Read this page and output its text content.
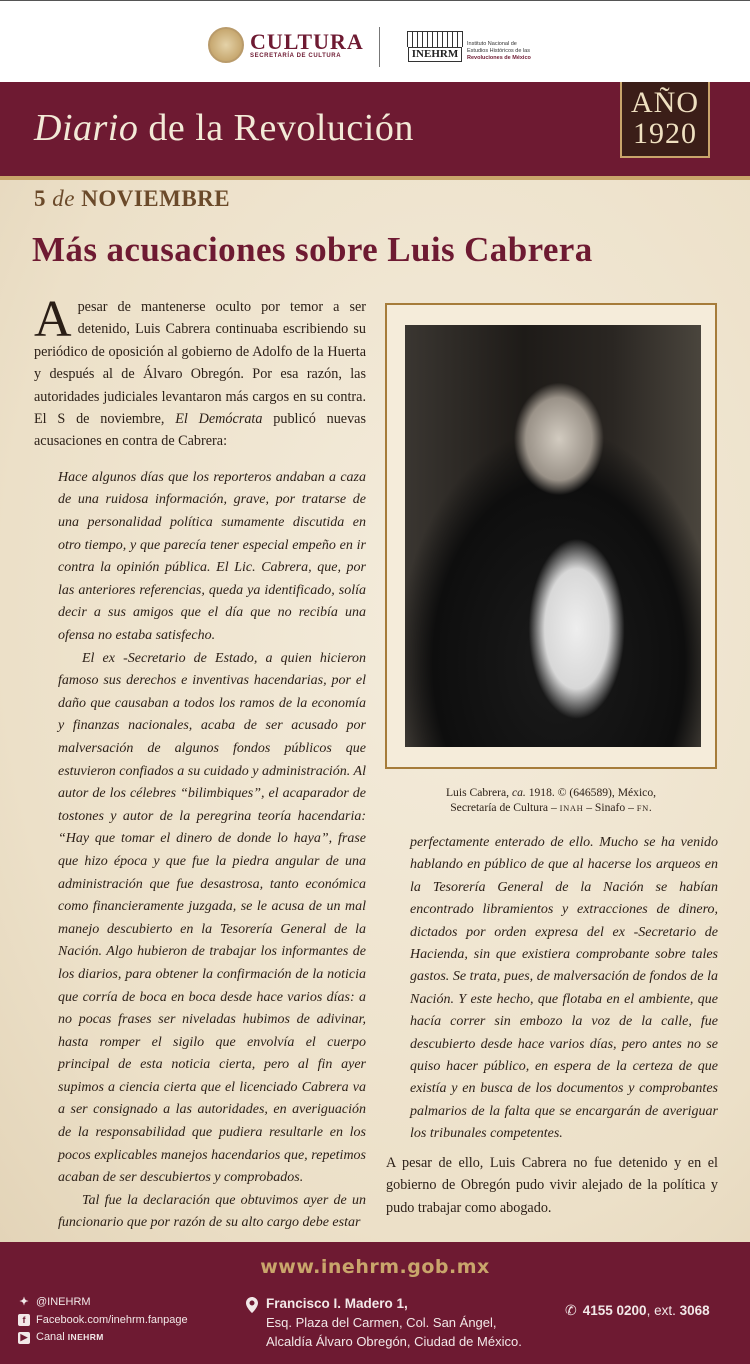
CULTURA
SECRETARÍA DE CULTURA	INEHRM
Instituto Nacional de
Estudios Históricos de las
Revoluciones de México
Diario de la Revolución
AÑO
1920
5 de NOVIEMBRE
Más acusaciones sobre Luis Cabrera

Apesar de mantenerse oculto por temor a ser detenido, Luis Cabrera continuaba escribiendo su periódico de oposición al gobierno de Adolfo de la Huerta y después al de Álvaro Obregón. Por esa razón, las autoridades judiciales levantaron más cargos en su contra. El S de noviembre, El Demócrata publicó nuevas acusaciones en contra de Cabrera:

Hace algunos días que los reporteros andaban a caza de una ruidosa información, grave, por tratarse de una personalidad política sumamente discutida en otro tiempo, y que parecía tener especial empeño en ir contra la opinión pública. El Lic. Cabrera, que, por las anteriores referencias, queda ya identificado, solía decir a sus amigos que el día que no recibía una ofensa no estaba satisfecho.

El ex -Secretario de Estado, a quien hicieron famoso sus derechos e inventivas hacendarias, por el daño que causaban a todos los ramos de la economía y finanzas nacionales, acaba de ser acusado por malversación de algunos fondos públicos que estuvieron confiados a su cuidado y administración. Al autor de los célebres “bilimbiques”, el acaparador de tostones y autor de la peregrina teoría hacendaria: “Hay que tomar el dinero de donde lo haya”, frase que hizo época y que fue la piedra angular de una administración que fue desastrosa, tanto económica como financieramente juzgada, se le acusa de un mal manejo descubierto en la Tesorería General de la Nación. Algo hubieron de trabajar los informantes de los diarios, para obtener la confirmación de la noticia que corría de boca en boca desde hace varios días: a no pocas frases ser niveladas hubimos de adivinar, hasta romper el sigilo que envolvía el cuerpo principal de esta noticia cierta, pero al fin ayer supimos a ciencia cierta que el licenciado Cabrera va a ser consignado a las autoridades, en averiguación de la responsabilidad que pudiera resultarle en los pocos explicables manejos hacendarios que, repetimos acaban de ser descubiertos y comprobados.

Tal fue la declaración que obtuvimos ayer de un funcionario que por razón de su alto cargo debe estar

Luis Cabrera, ca. 1918. © (646589), México,
Secretaría de Cultura – INAH – Sinafo – FN.

perfectamente enterado de ello. Mucho se ha venido hablando en público de que al hacerse los arqueos en la Tesorería General de la Nación se habían encontrado libramientos y extracciones de dinero, dictados por orden expresa del ex -Secretario de Hacienda, sin que existiera comprobante sobre tales gastos. Se trata, pues, de malversación de fondos de la Nación. Y este hecho, que flotaba en el ambiente, que hacía correr sin embozo la voz de la calle, fue descubierto desde hace varios días, pero antes no se quiso hacer público, en espera de la certeza de que existía y en busca de los documentos y comprobantes palmarios de la falta que se encargarán de averiguar los tribunales competentes.

A pesar de ello, Luis Cabrera no fue detenido y en el gobierno de Obregón pudo vivir alejado de la política y pudo trabajar como abogado.

www.inehrm.gob.mx
✦ @INEHRM
f Facebook.com/inehrm.fanpage
▶ Canal INEHRM
Francisco I. Madero 1,
Esq. Plaza del Carmen, Col. San Ángel,
Alcaldía Álvaro Obregón, Ciudad de México.
✆ 4155 0200, ext. 3068
